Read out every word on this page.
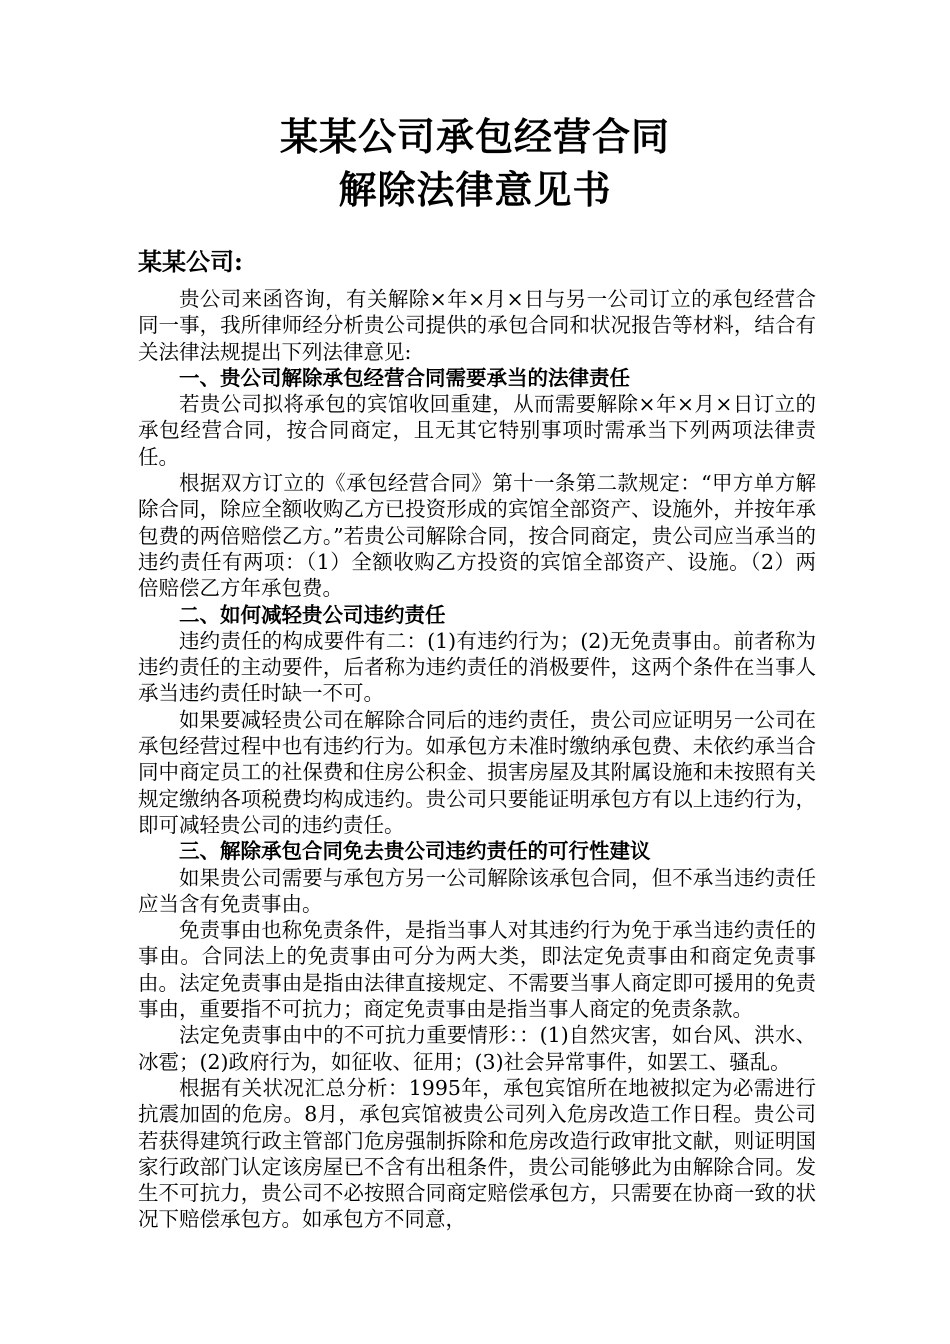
某某公司承包经营合同
解除法律意见书
某某公司:

贵公司来函咨询，有关解除×年×月×日与另一公司订立的承包经营合同一事，我所律师经分析贵公司提供的承包合同和状况报告等材料，结合有关法律法规提出下列法律意见:

一、贵公司解除承包经营合同需要承当的法律责任

若贵公司拟将承包的宾馆收回重建，从而需要解除×年×月×日订立的承包经营合同，按合同商定，且无其它特别事项时需承当下列两项法律责任。

根据双方订立的《承包经营合同》第十一条第二款规定：“甲方单方解除合同，除应全额收购乙方已投资形成的宾馆全部资产、设施外，并按年承包费的两倍赔偿乙方。”若贵公司解除合同，按合同商定，贵公司应当承当的违约责任有两项：（1）全额收购乙方投资的宾馆全部资产、设施。（2）两倍赔偿乙方年承包费。

二、如何减轻贵公司违约责任

违约责任的构成要件有二：(1)有违约行为；(2)无免责事由。前者称为违约责任的主动要件，后者称为违约责任的消极要件，这两个条件在当事人承当违约责任时缺一不可。

如果要减轻贵公司在解除合同后的违约责任，贵公司应证明另一公司在承包经营过程中也有违约行为。如承包方未准时缴纳承包费、未依约承当合同中商定员工的社保费和住房公积金、损害房屋及其附属设施和未按照有关规定缴纳各项税费均构成违约。贵公司只要能证明承包方有以上违约行为，即可减轻贵公司的违约责任。

三、解除承包合同免去贵公司违约责任的可行性建议

如果贵公司需要与承包方另一公司解除该承包合同，但不承当违约责任应当含有免责事由。

免责事由也称免责条件，是指当事人对其违约行为免于承当违约责任的事由。合同法上的免责事由可分为两大类，即法定免责事由和商定免责事由。法定免责事由是指由法律直接规定、不需要当事人商定即可援用的免责事由，重要指不可抗力；商定免责事由是指当事人商定的免责条款。

法定免责事由中的不可抗力重要情形：：(1)自然灾害，如台风、洪水、冰雹；(2)政府行为，如征收、征用；(3)社会异常事件，如罢工、骚乱。

根据有关状况汇总分析：1995年，承包宾馆所在地被拟定为必需进行抗震加固的危房。8月，承包宾馆被贵公司列入危房改造工作日程。贵公司若获得建筑行政主管部门危房强制拆除和危房改造行政审批文献，则证明国家行政部门认定该房屋已不含有出租条件，贵公司能够此为由解除合同。发生不可抗力，贵公司不必按照合同商定赔偿承包方，只需要在协商一致的状况下赔偿承包方。如承包方不同意，
